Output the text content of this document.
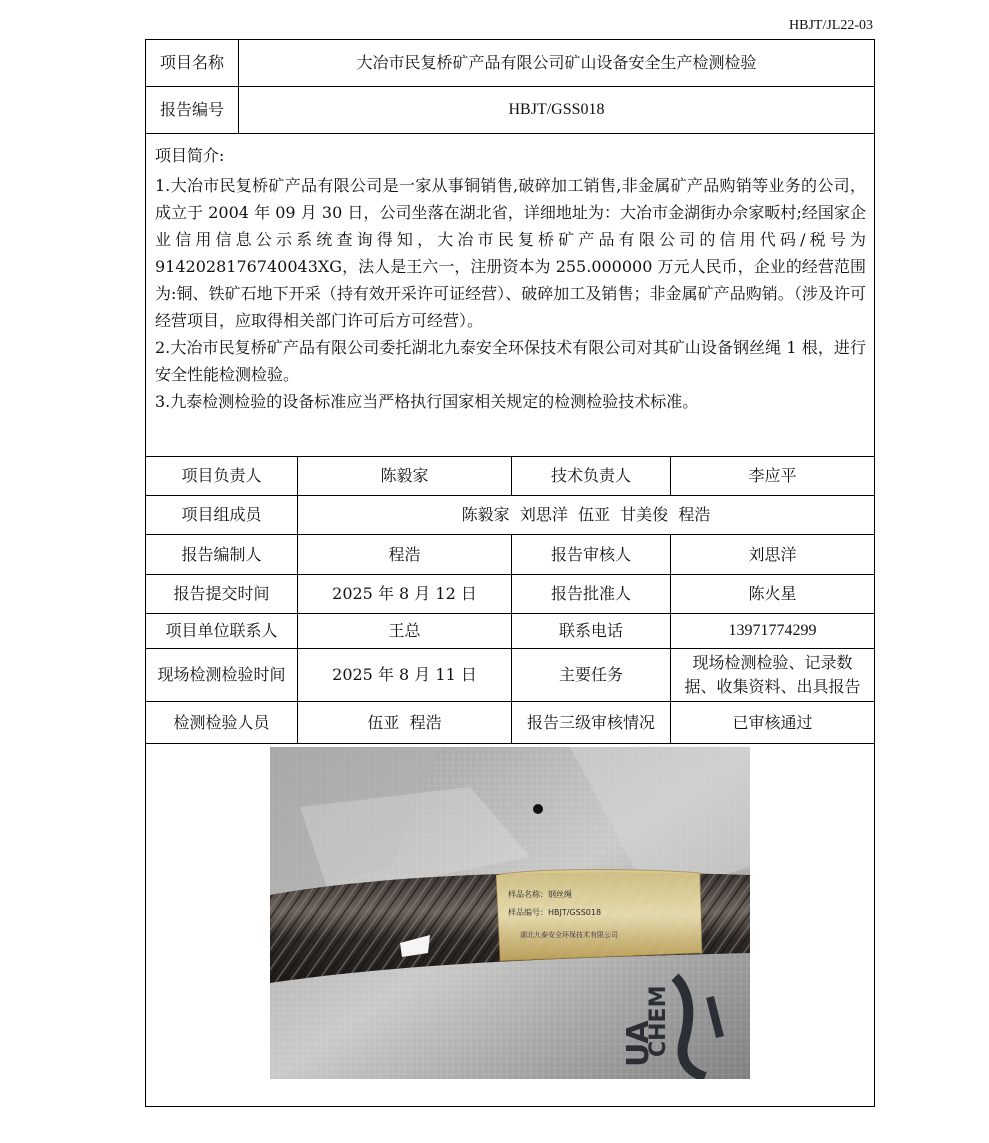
HBJT/JL22-03
项目名称	大冶市民复桥矿产品有限公司矿山设备安全生产检测检验
报告编号	HBJT/GSS018

项目简介:

1.大冶市民复桥矿产品有限公司是一家从事铜销售,破碎加工销售,非金属矿产品购销等业务的公司，成立于 2004 年 09 月 30 日，公司坐落在湖北省，详细地址为：大冶市金湖街办佘家畈村;经国家企业信用信息公示系统查询得知，大冶市民复桥矿产品有限公司的信用代码/税号为 9142028176740043XG，法人是王六一，注册资本为 255.000000 万元人民币，企业的经营范围为:铜、铁矿石地下开采（持有效开采许可证经营）、破碎加工及销售；非金属矿产品购销。（涉及许可经营项目，应取得相关部门许可后方可经营）。

2.大冶市民复桥矿产品有限公司委托湖北九泰安全环保技术有限公司对其矿山设备钢丝绳 1 根，进行安全性能检测检验。

3.九泰检测检验的设备标准应当严格执行国家相关规定的检测检验技术标准。

项目负责人	陈毅家	技术负责人	李应平
项目组成员	陈毅家  刘思洋  伍亚  甘美俊  程浩
报告编制人	程浩	报告审核人	刘思洋
报告提交时间	2025 年 8 月 12 日	报告批准人	陈火星
项目单位联系人	王总	联系电话	13971774299
现场检测检验时间	2025 年 8 月 11 日	主要任务
现场检测检验、记录数据、收集资料、出具报告
检测检验人员	伍亚  程浩	报告三级审核情况	已审核通过
样品名称：钢丝绳
样品编号：HBJT/GSS018
湖北九泰安全环保技术有限公司
CHEM
UA
